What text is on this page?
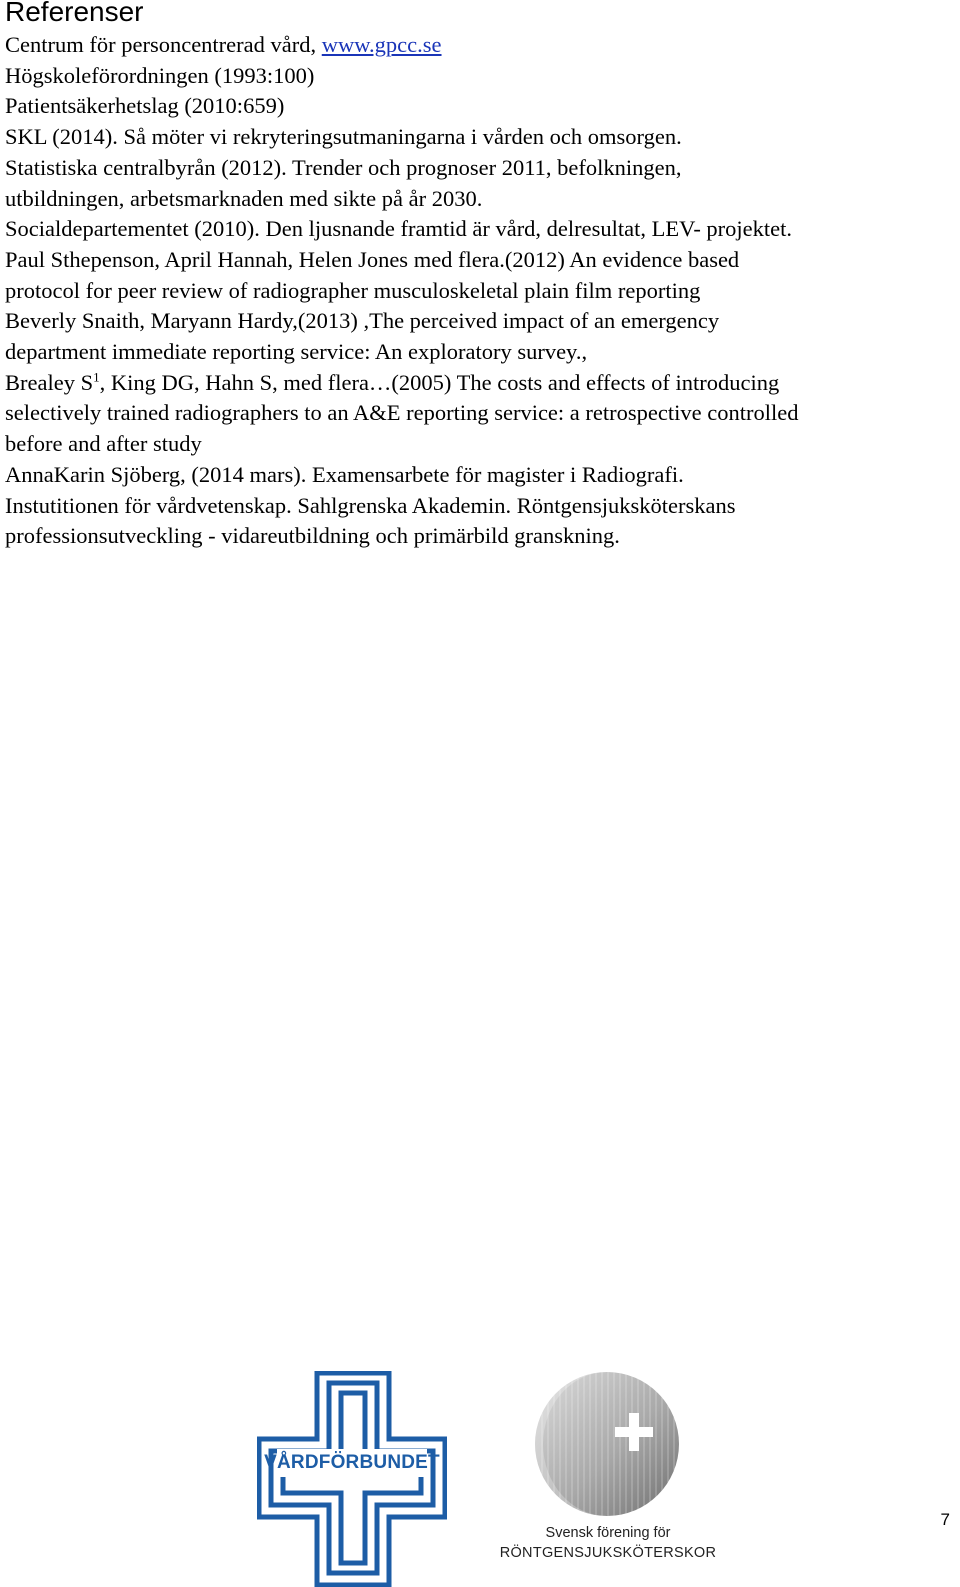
Referenser
Centrum för personcentrerad vård, www.gpcc.se
Högskoleförordningen (1993:100)
Patientsäkerhetslag (2010:659)
SKL (2014). Så möter vi rekryteringsutmaningarna i vården och omsorgen.
Statistiska centralbyrån (2012). Trender och prognoser 2011, befolkningen,
utbildningen, arbetsmarknaden med sikte på år 2030.
Socialdepartementet (2010). Den ljusnande framtid är vård, delresultat, LEV- projektet.
Paul Sthepenson, April Hannah, Helen Jones med flera.(2012) An evidence based
protocol for peer review of radiographer musculoskeletal plain film reporting
Beverly Snaith, Maryann Hardy,(2013) ,The perceived impact of an emergency
department immediate reporting service: An exploratory survey.,
Brealey $S^1$, King DG, Hahn S, med flera…(2005) The costs and effects of introducing
selectively trained radiographers to an A&E reporting service: a retrospective controlled
before and after study
AnnaKarin Sjöberg, (2014 mars). Examensarbete för magister i Radiografi.
Instutitionen för vårdvetenskap. Sahlgrenska Akademin. Röntgensjuksköterskans
professionsutveckling - vidareutbildning och primärbild granskning.
VÅRDFÖRBUNDET
Svensk förening för
RÖNTGENSJUKSKÖTERSKOR
7
